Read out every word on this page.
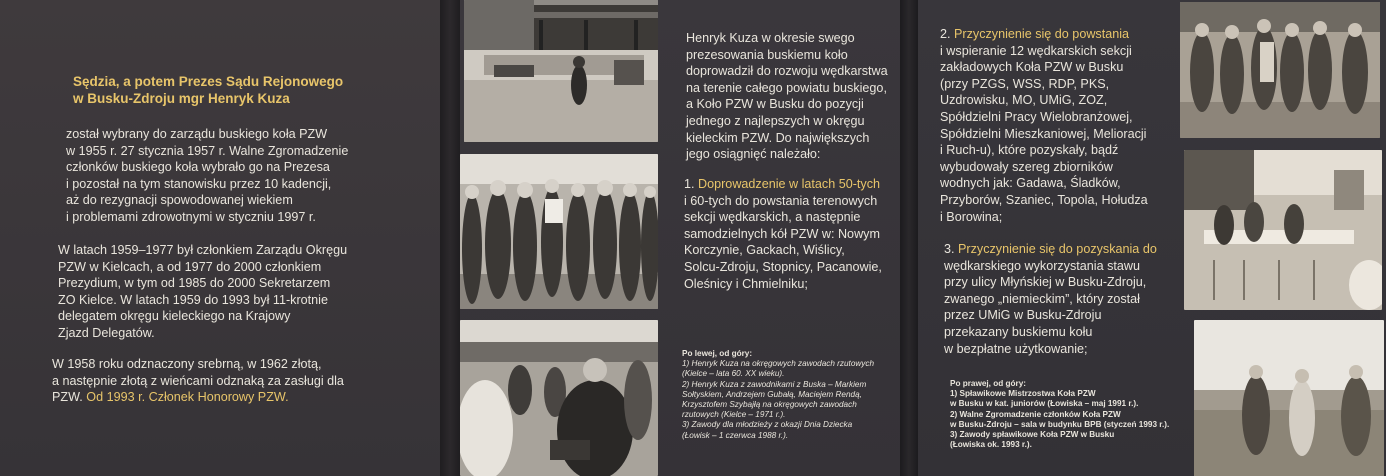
Sędzia, a potem Prezes Sądu Rejonowego
w Busku-Zdroju mgr Henryk Kuza
został wybrany do zarządu buskiego koła PZW
w 1955 r. 27 stycznia 1957 r. Walne Zgromadzenie
członków buskiego koła wybrało go na Prezesa
i pozostał na tym stanowisku przez 10 kadencji,
aż do rezygnacji spowodowanej wiekiem
i problemami zdrowotnymi w styczniu 1997 r.
W latach 1959–1977 był członkiem Zarządu Okręgu
PZW w Kielcach, a od 1977 do 2000 członkiem
Prezydium, w tym od 1985 do 2000 Sekretarzem
ZO Kielce. W latach 1959 do 1993 był 11-krotnie
delegatem okręgu kieleckiego na Krajowy
Zjazd Delegatów.
W 1958 roku odznaczony srebrną, w 1962 złotą,
a następnie złotą z wieńcami odznaką za zasługi dla
PZW. Od 1993 r. Członek Honorowy PZW.
Henryk Kuza w okresie swego
prezesowania buskiemu koło
doprowadził do rozwoju wędkarstwa
na terenie całego powiatu buskiego,
a Koło PZW w Busku do pozycji
jednego z najlepszych w okręgu
kieleckim PZW. Do największych
jego osiągnięć należało:
1. Doprowadzenie w latach 50-tych
i 60-tych do powstania terenowych
sekcji wędkarskich, a następnie
samodzielnych kół PZW w: Nowym
Korczynie, Gackach, Wiślicy,
Solcu-Zdroju, Stopnicy, Pacanowie,
Oleśnicy i Chmielniku;
Po lewej, od góry:
1) Henryk Kuza na okręgowych zawodach rzutowych
(Kielce – lata 60. XX wieku).
2) Henryk Kuza z zawodnikami z Buska – Markiem
Sołtyskiem, Andrzejem Gubałą, Maciejem Rendą,
Krzysztofem Szybajłą na okręgowych zawodach
rzutowych (Kielce – 1971 r.).
3) Zawody dla młodzieży z okazji Dnia Dziecka
(Łowisk – 1 czerwca 1988 r.).
2. Przyczynienie się do powstania
i wspieranie 12 wędkarskich sekcji
zakładowych Koła PZW w Busku
(przy PZGS, WSS, RDP, PKS,
Uzdrowisku, MO, UMiG, ZOZ,
Spółdzielni Pracy Wielobranżowej,
Spółdzielni Mieszkaniowej, Melioracji
i Ruch-u), które pozyskały, bądź
wybudowały szereg zbiorników
wodnych jak: Gadawa, Śladków,
Przyborów, Szaniec, Topola, Hołudza
i Borowina;
3. Przyczynienie się do pozyskania do
wędkarskiego wykorzystania stawu
przy ulicy Młyńskiej w Busku-Zdroju,
zwanego „niemieckim”, który został
przez UMiG w Busku-Zdroju
przekazany buskiemu kołu
w bezpłatne użytkowanie;
Po prawej, od góry:
1) Spławikowe Mistrzostwa Koła PZW
w Busku w kat. juniorów (Łowiska – maj 1991 r.).
2) Walne Zgromadzenie członków Koła PZW
w Busku-Zdroju – sala w budynku BPB (styczeń 1993 r.).
3) Zawody spławikowe Koła PZW w Busku
(Łowiska ok. 1993 r.).
